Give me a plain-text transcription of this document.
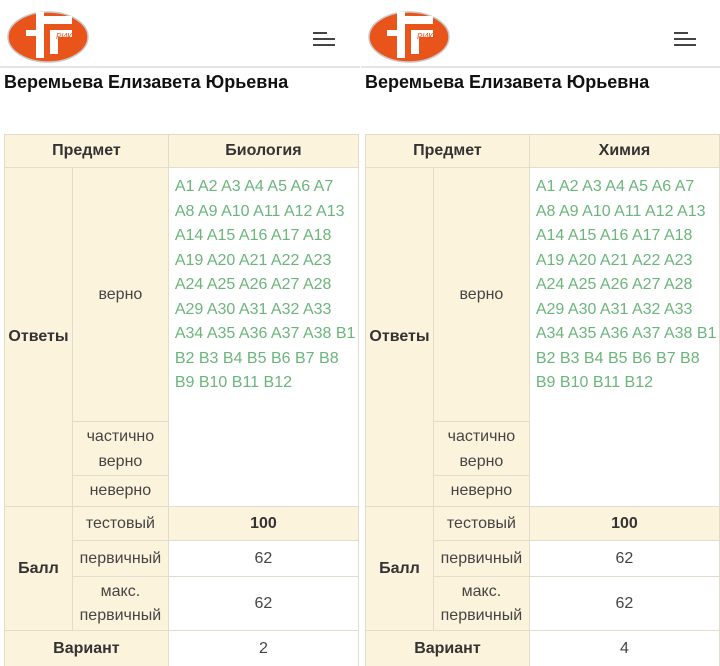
РИКЗ
Веремьева Елизавета Юрьевна
Предмет		Биология
Ответы	верно	A1 A2 A3 A4 A5 A6 A7 A8 A9 A10 A11 A12 A13 A14 A15 A16 A17 A18 A19 A20 A21 A22 A23 A24 A25 A26 A27 A28 A29 A30 A31 A32 A33 A34 A35 A36 A37 A38 B1 B2 B3 B4 B5 B6 B7 B8 B9 B10 B11 B12
	частично верно	
	неверно	
Балл	тестовый	100
	первичный	62
	макс. первичный	62
Вариант		2
РИКЗ
Веремьева Елизавета Юрьевна
Предмет		Химия
Ответы	верно	A1 A2 A3 A4 A5 A6 A7 A8 A9 A10 A11 A12 A13 A14 A15 A16 A17 A18 A19 A20 A21 A22 A23 A24 A25 A26 A27 A28 A29 A30 A31 A32 A33 A34 A35 A36 A37 A38 B1 B2 B3 B4 B5 B6 B7 B8 B9 B10 B11 B12
	частично верно	
	неверно	
Балл	тестовый	100
	первичный	62
	макс. первичный	62
Вариант		4
